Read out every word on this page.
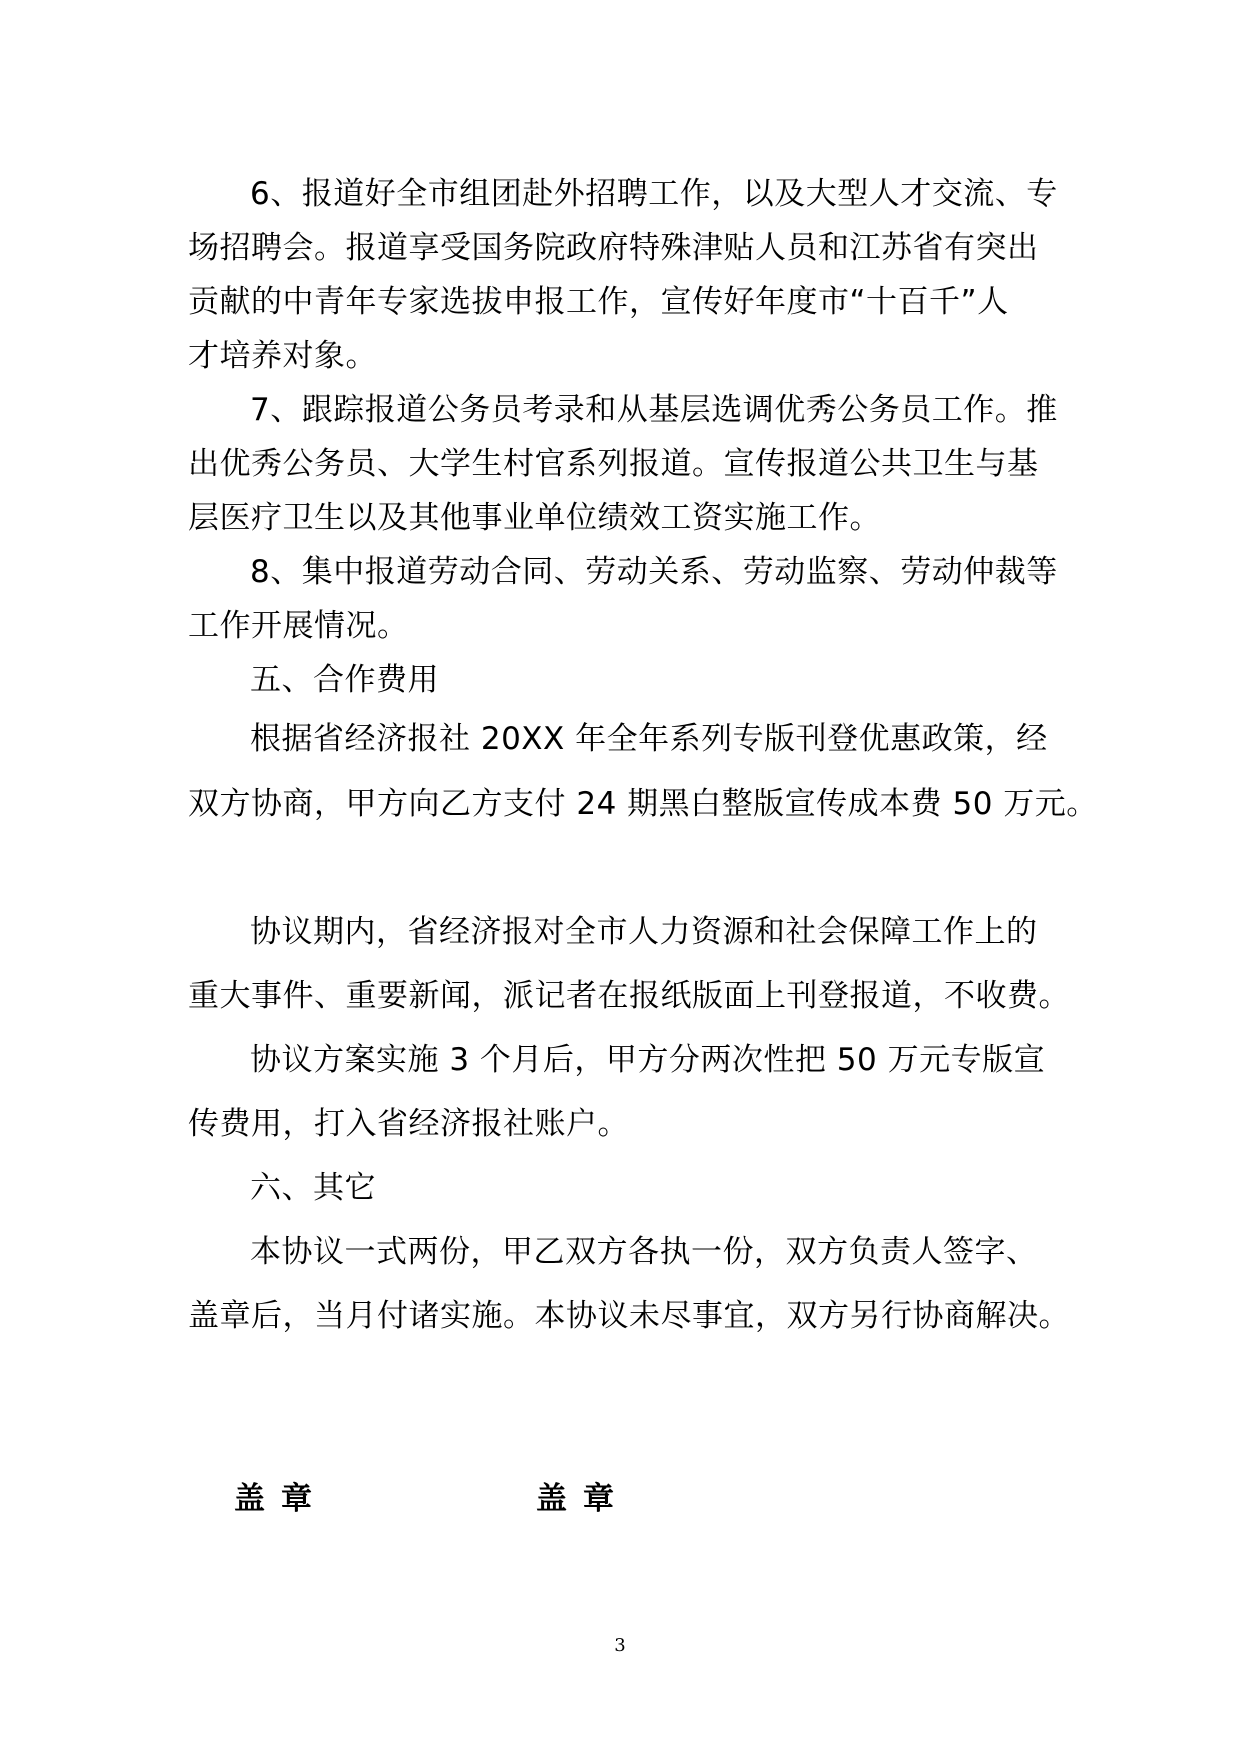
6、报道好全市组团赴外招聘工作，以及大型人才交流、专
场招聘会。报道享受国务院政府特殊津贴人员和江苏省有突出
贡献的中青年专家选拔申报工作，宣传好年度市“十百千”人
才培养对象。
7、跟踪报道公务员考录和从基层选调优秀公务员工作。推
出优秀公务员、大学生村官系列报道。宣传报道公共卫生与基
层医疗卫生以及其他事业单位绩效工资实施工作。
8、集中报道劳动合同、劳动关系、劳动监察、劳动仲裁等
工作开展情况。
五、合作费用
根据省经济报社 20XX 年全年系列专版刊登优惠政策，经
双方协商，甲方向乙方支付 24 期黑白整版宣传成本费 50 万元。
协议期内，省经济报对全市人力资源和社会保障工作上的
重大事件、重要新闻，派记者在报纸版面上刊登报道，不收费。
协议方案实施 3 个月后，甲方分两次性把 50 万元专版宣
传费用，打入省经济报社账户。
六、其它
本协议一式两份，甲乙双方各执一份，双方负责人签字、
盖章后，当月付诸实施。本协议未尽事宜，双方另行协商解决。
盖章	盖章
3
